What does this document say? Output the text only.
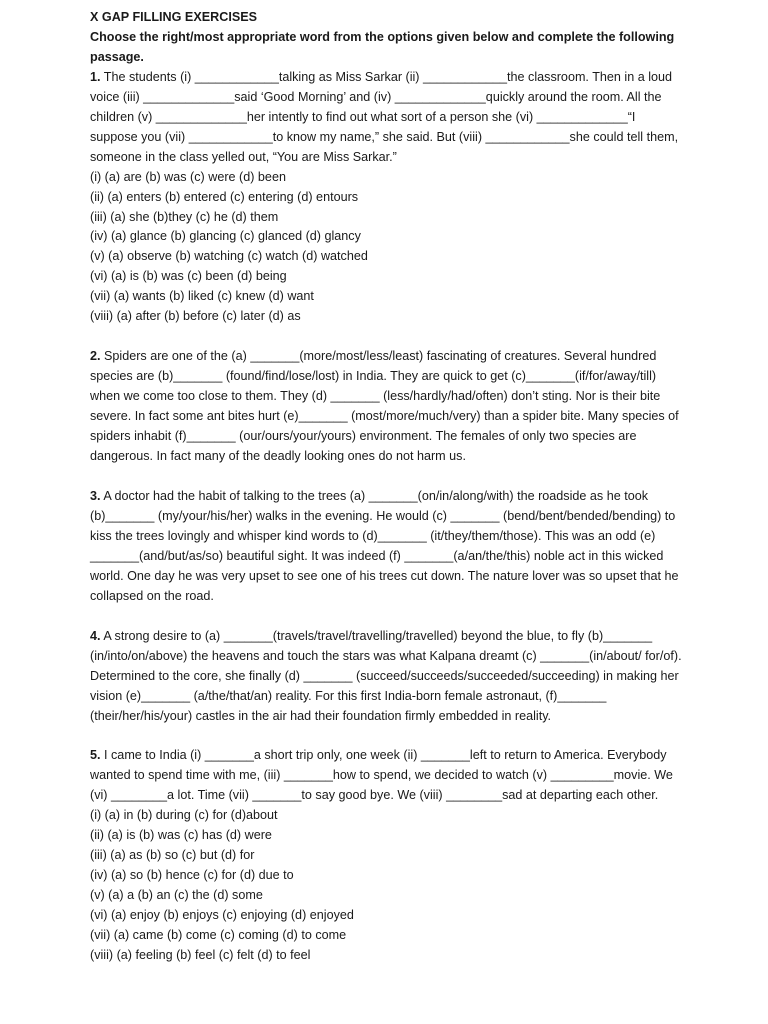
X GAP FILLING EXERCISES

Choose the right/most appropriate word from the options given below and complete the following passage.

1. The students (i) ____________talking as Miss Sarkar (ii) ____________the classroom. Then in a loud voice (iii) _____________said ‘Good Morning’ and (iv) _____________quickly around the room. All the children (v) _____________her intently to find out what sort of a person she (vi) _____________“I suppose you (vii) ____________to know my name,” she said. But (viii) ____________she could tell them, someone in the class yelled out, “You are Miss Sarkar.”

(i) (a) are (b) was (c) were (d) been
(ii) (a) enters (b) entered (c) entering (d) entours
(iii) (a) she (b)they (c) he (d) them
(iv) (a) glance (b) glancing (c) glanced (d) glancy
(v) (a) observe (b) watching (c) watch (d) watched
(vi) (a) is (b) was (c) been (d) being
(vii) (a) wants (b) liked (c) knew (d) want
(viii) (a) after (b) before (c) later (d) as

2. Spiders are one of the (a) _______(more/most/less/least) fascinating of creatures. Several hundred species are (b)_______ (found/find/lose/lost) in India. They are quick to get (c)_______(if/for/away/till) when we come too close to them. They (d) _______ (less/hardly/had/often) don’t sting. Nor is their bite severe. In fact some ant bites hurt (e)_______ (most/more/much/very) than a spider bite. Many species of spiders inhabit (f)_______ (our/ours/your/yours) environment. The females of only two species are dangerous. In fact many of the deadly looking ones do not harm us.

3. A doctor had the habit of talking to the trees (a) _______(on/in/along/with) the roadside as he took (b)_______ (my/your/his/her) walks in the evening. He would (c) _______ (bend/bent/bended/bending) to kiss the trees lovingly and whisper kind words to (d)_______ (it/they/them/those). This was an odd (e) _______(and/but/as/so) beautiful sight. It was indeed (f) _______(a/an/the/this) noble act in this wicked world. One day he was very upset to see one of his trees cut down. The nature lover was so upset that he collapsed on the road.

4. A strong desire to (a) _______(travels/travel/travelling/travelled) beyond the blue, to fly (b)_______ (in/into/on/above) the heavens and touch the stars was what Kalpana dreamt (c) _______(in/about/ for/of). Determined to the core, she finally (d) _______ (succeed/succeeds/succeeded/succeeding) in making her vision (e)_______ (a/the/that/an) reality. For this first India-born female astronaut, (f)_______ (their/her/his/your) castles in the air had their foundation firmly embedded in reality.

5. I came to India (i) _______a short trip only, one week (ii) _______left to return to America. Everybody wanted to spend time with me, (iii) _______how to spend, we decided to watch (v) _________movie. We (vi) ________a lot. Time (vii) _______to say good bye. We (viii) ________sad at departing each other.

(i) (a) in (b) during (c) for (d)about
(ii) (a) is (b) was (c) has (d) were
(iii) (a) as (b) so (c) but (d) for
(iv) (a) so (b) hence (c) for (d) due to
(v) (a) a (b) an (c) the (d) some
(vi) (a) enjoy (b) enjoys (c) enjoying (d) enjoyed
(vii) (a) came (b) come (c) coming (d) to come
(viii) (a) feeling (b) feel (c) felt (d) to feel
